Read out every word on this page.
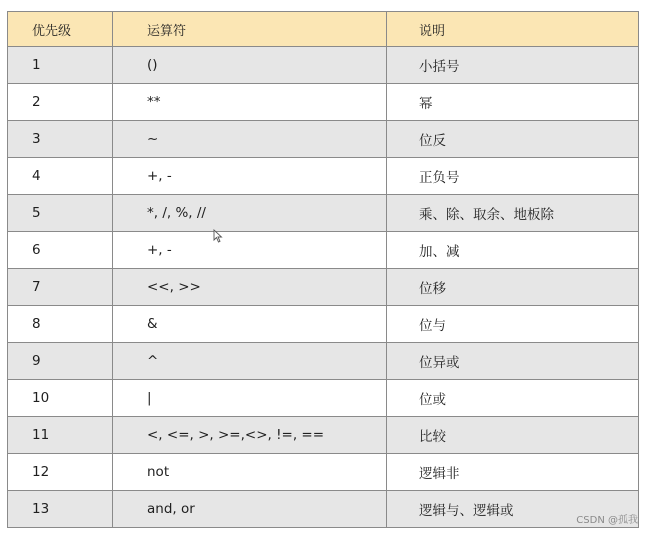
优先级	运算符	说明
1	()	小括号
2	**	幂
3	~	位反
4	+, -	正负号
5	*, /, %, //	乘、除、取余、地板除
6	+, -	加、减
7	<<, >>	位移
8	&	位与
9	^	位异或
10	|	位或
11	<, <=, >, >=,<>, !=, ==	比较
12	not	逻辑非
13	and, or	逻辑与、逻辑或
CSDN @孤我
